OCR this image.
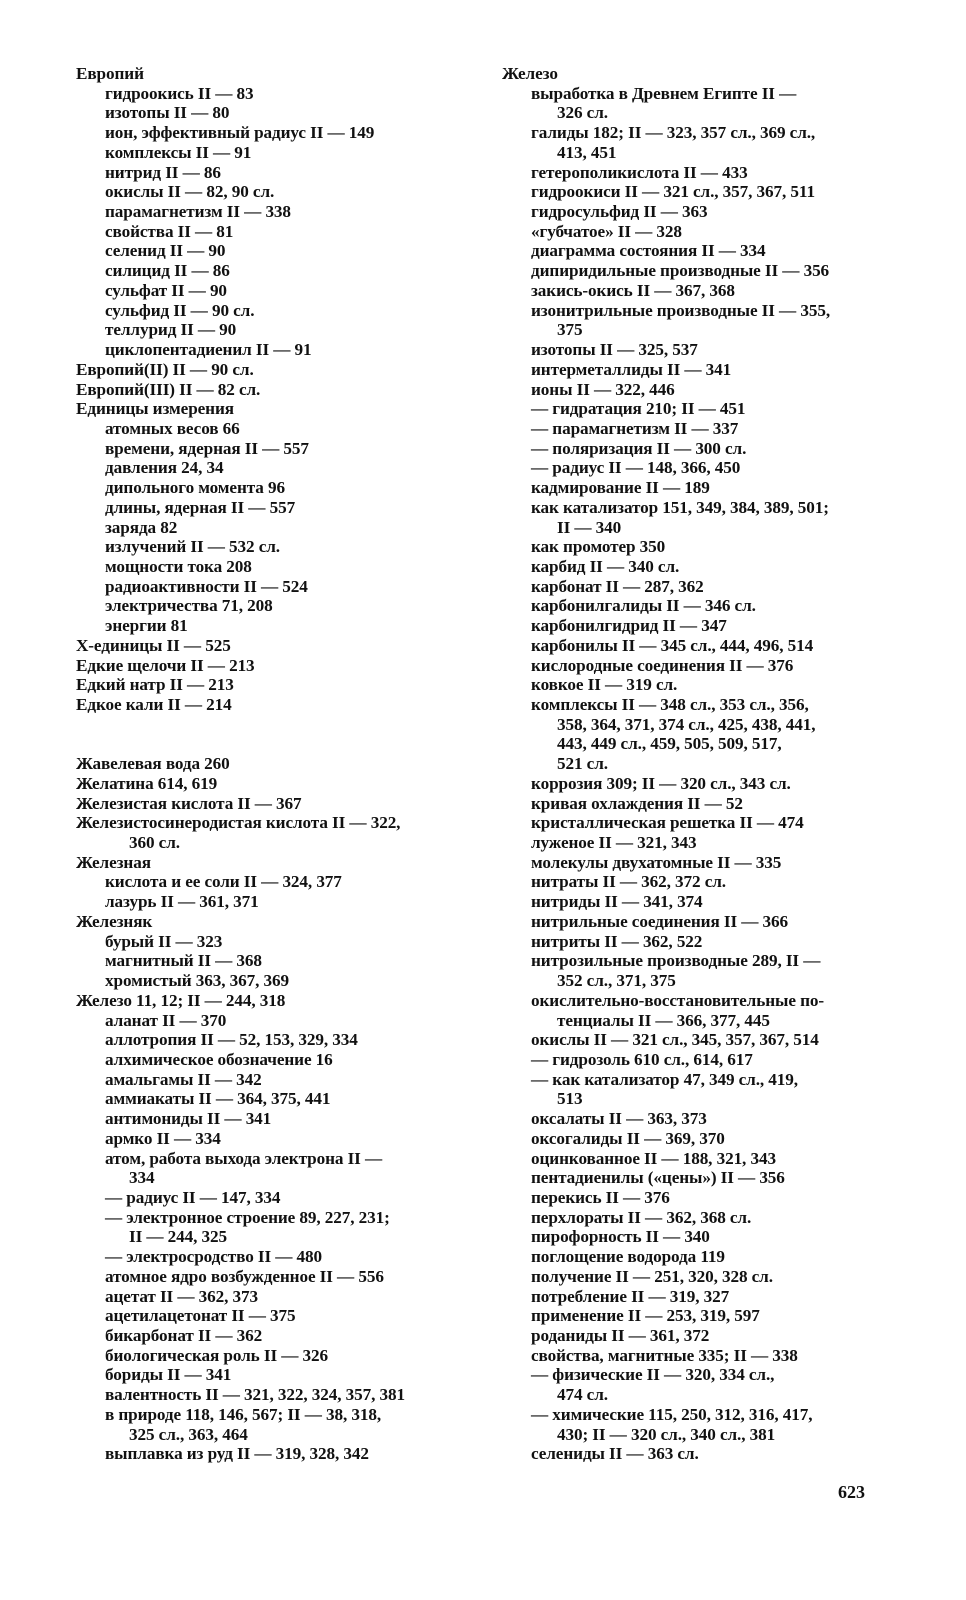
Европий
гидроокись II — 83
изотопы II — 80
ион, эффективный радиус II — 149
комплексы II — 91
нитрид II — 86
окислы II — 82, 90 сл.
парамагнетизм II — 338
свойства II — 81
селенид II — 90
силицид II — 86
сульфат II — 90
сульфид II — 90 сл.
теллурид II — 90
циклопентадиенил II — 91
Европий(II) II — 90 сл.
Европий(III) II — 82 сл.
Единицы измерения
атомных весов 66
времени, ядерная II — 557
давления 24, 34
дипольного момента 96
длины, ядерная II — 557
заряда 82
излучений II — 532 сл.
мощности тока 208
радиоактивности II — 524
электричества 71, 208
энергии 81
X-единицы II — 525
Едкие щелочи II — 213
Едкий натр II — 213
Едкое кали II — 214
Жавелевая вода 260
Желатина 614, 619
Железистая кислота II — 367
Железистосинеродистая кислота II — 322,
360 сл.
Железная
кислота и ее соли II — 324, 377
лазурь II — 361, 371
Железняк
бурый II — 323
магнитный II — 368
хромистый 363, 367, 369
Железо 11, 12; II — 244, 318
аланат II — 370
аллотропия II — 52, 153, 329, 334
алхимическое обозначение 16
амальгамы II — 342
аммиакаты II — 364, 375, 441
антимониды II — 341
армко II — 334
атом, работа выхода электрона II —
334
— радиус II — 147, 334
— электронное строение 89, 227, 231;
II — 244, 325
— электросродство II — 480
атомное ядро возбужденное II — 556
ацетат II — 362, 373
ацетилацетонат II — 375
бикарбонат II — 362
биологическая роль II — 326
бориды II — 341
валентность II — 321, 322, 324, 357, 381
в природе 118, 146, 567; II — 38, 318,
325 сл., 363, 464
выплавка из руд II — 319, 328, 342
Железо
выработка в Древнем Египте II —
326 сл.
галиды 182; II — 323, 357 сл., 369 сл.,
413, 451
гетерополикислота II — 433
гидроокиси II — 321 сл., 357, 367, 511
гидросульфид II — 363
«губчатое» II — 328
диаграмма состояния II — 334
дипиридильные производные II — 356
закись-окись II — 367, 368
изонитрильные производные II — 355,
375
изотопы II — 325, 537
интерметаллиды II — 341
ионы II — 322, 446
— гидратация 210; II — 451
— парамагнетизм II — 337
— поляризация II — 300 сл.
— радиус II — 148, 366, 450
кадмирование II — 189
как катализатор 151, 349, 384, 389, 501;
II — 340
как промотер 350
карбид II — 340 сл.
карбонат II — 287, 362
карбонилгалиды II — 346 сл.
карбонилгидрид II — 347
карбонилы II — 345 сл., 444, 496, 514
кислородные соединения II — 376
ковкое II — 319 сл.
комплексы II — 348 сл., 353 сл., 356,
358, 364, 371, 374 сл., 425, 438, 441,
443, 449 сл., 459, 505, 509, 517,
521 сл.
коррозия 309; II — 320 сл., 343 сл.
кривая охлаждения II — 52
кристаллическая решетка II — 474
луженое II — 321, 343
молекулы двухатомные II — 335
нитраты II — 362, 372 сл.
нитриды II — 341, 374
нитрильные соединения II — 366
нитриты II — 362, 522
нитрозильные производные 289, II —
352 сл., 371, 375
окислительно-восстановительные по-
тенциалы II — 366, 377, 445
окислы II — 321 сл., 345, 357, 367, 514
— гидрозоль 610 сл., 614, 617
— как катализатор 47, 349 сл., 419,
513
оксалаты II — 363, 373
оксогалиды II — 369, 370
оцинкованное II — 188, 321, 343
пентадиенилы («цены») II — 356
перекись II — 376
перхлораты II — 362, 368 сл.
пирофорность II — 340
поглощение водорода 119
получение II — 251, 320, 328 сл.
потребление II — 319, 327
применение II — 253, 319, 597
роданиды II — 361, 372
свойства, магнитные 335; II — 338
— физические II — 320, 334 сл.,
474 сл.
— химические 115, 250, 312, 316, 417,
430; II — 320 сл., 340 сл., 381
селениды II — 363 сл.
623
